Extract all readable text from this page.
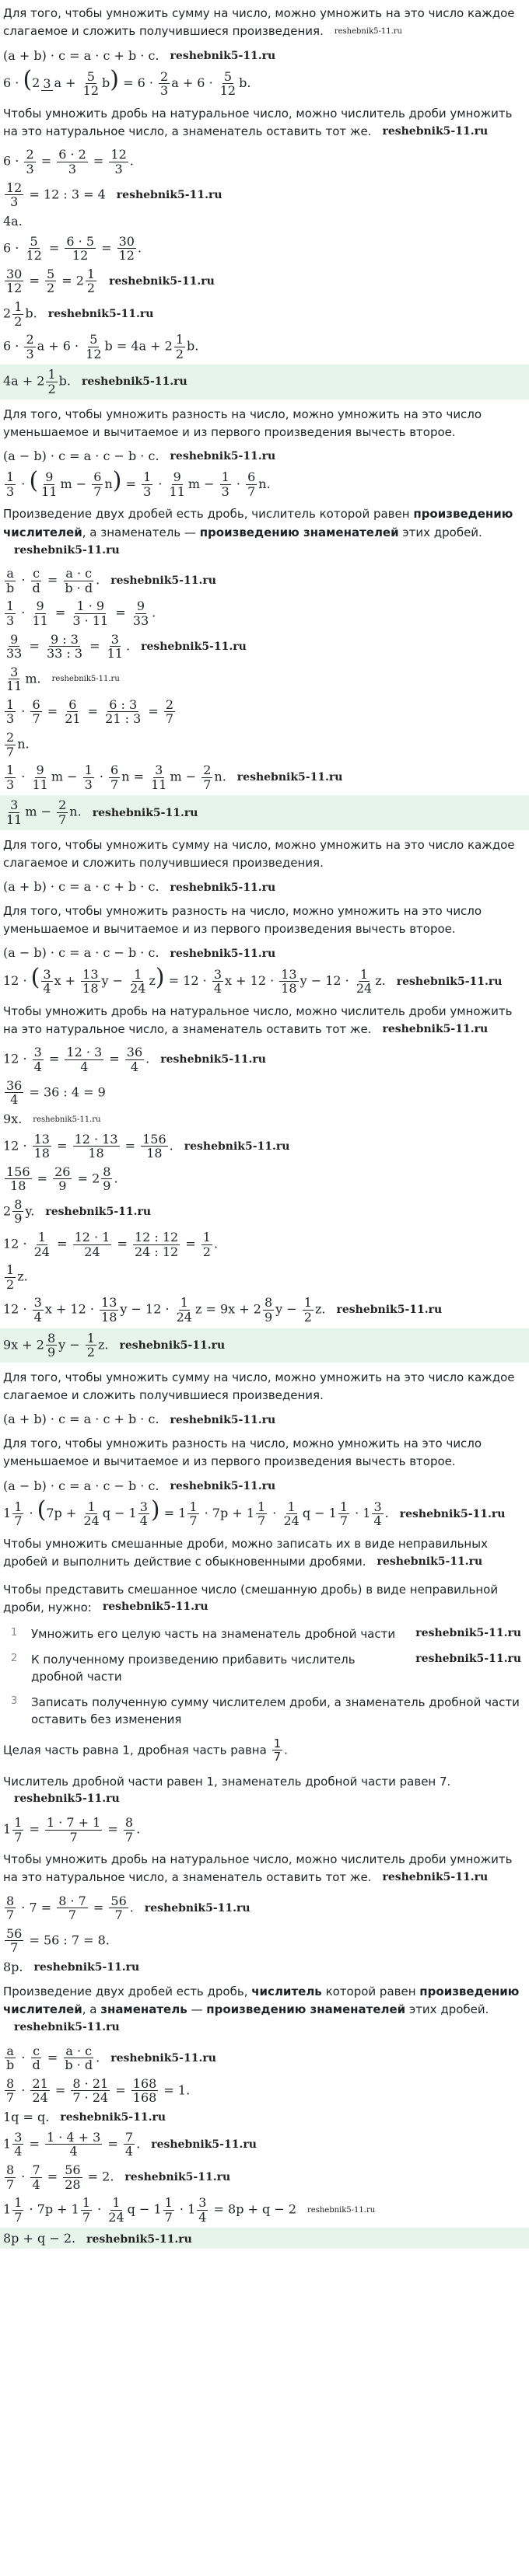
Для того, чтобы умножить сумму на число, можно умножить на это число каждое слагаемое и сложить получившиеся произведения. reshebnik5-11.ru

(a + b) · c = a · c + b · c. reshebnik5-11.ru
6 · (2 3 $a + \frac{5}{12} b) = 6 \cdot \frac{2}{3}$ $a + 6 \cdot \frac{5}{12} b$.

Чтобы умножить дробь на натуральное число, можно числитель дроби умножить на это натуральное число, а знаменатель оставить тот же. reshebnik5-11.ru

$6 \cdot \frac{2}{3} = \frac{6 \cdot 2}{3} = \frac{12}{3}$ .
$\frac{12}{3} = 12$ : 3 = 4 reshebnik5-11.ru
4a.
$6 \cdot \frac{5}{12} = \frac{6 \cdot 5}{12} = \frac{30}{12}$ .
$\frac{30}{12} = \frac{5}{2} = 2 \frac{1}{2}$ reshebnik5-11.ru
$2 \frac{1}{2} b$. reshebnik5-11.ru
$6 \cdot \frac{2}{3}$ $a + 6 \cdot \frac{5}{12}$ $b = 4a + 2 \frac{1}{2} b$.
$4a + 2 \frac{1}{2} b$. reshebnik5-11.ru

Для того, чтобы умножить разность на число, можно умножить на это число уменьшаемое и вычитаемое и из первого произведения вычесть второе.

(a − b) · c = a · c − b · c. reshebnik5-11.ru
$\frac{1}{3}$ · ( $\frac{9}{11}$ $m - \frac{6}{7} n) = \frac{1}{3} \cdot \frac{9}{11}$ $m - \frac{1}{3} \cdot \frac{6}{7} n$.

Произведение двух дробей есть дробь, числитель которой равен произведению числителей, а знаменатель — произведению знаменателей этих дробей.reshebnik5-11.ru

$\frac{a}{b} \cdot \frac{c}{d} = \frac{a \cdot c}{b \cdot d}$ . reshebnik5-11.ru
$\frac{1}{3} \cdot \frac{9}{11} = \frac{1 \cdot 9}{3 \cdot 11} = \frac{9}{33}$ .
$\frac{9}{33} = \frac{9 : 3}{33 : 3} = \frac{3}{11}$ . reshebnik5-11.ru
$\frac{3}{11} m$. reshebnik5-11.ru
$\frac{1}{3} \cdot \frac{6}{7} = \frac{6}{21} = \frac{6 : 3}{21 : 3} = \frac{2}{7}$
$\frac{2}{7} n$.
$\frac{1}{3} \cdot \frac{9}{11}$ $m - \frac{1}{3} \cdot \frac{6}{7}$ $n = \frac{3}{11}$ $m - \frac{2}{7} n$. reshebnik5-11.ru
$\frac{3}{11}$ $m - \frac{2}{7} n$. reshebnik5-11.ru

Для того, чтобы умножить сумму на число, можно умножить на это число каждое слагаемое и сложить получившиеся произведения.

(a + b) · c = a · c + b · c. reshebnik5-11.ru

Для того, чтобы умножить разность на число, можно умножить на это число уменьшаемое и вычитаемое и из первого произведения вычесть второе.

(a − b) · c = a · c − b · c. reshebnik5-11.ru
12 · ( $\frac{3}{4}$ $x + \frac{13}{18}$ $y - \frac{1}{24} z) = 12 \cdot \frac{3}{4}$ $x + 12 \cdot \frac{13}{18}$ $y - 12 \cdot \frac{1}{24} z$. reshebnik5-11.ru

Чтобы умножить дробь на натуральное число, можно числитель дроби умножить на это натуральное число, а знаменатель оставить тот же. reshebnik5-11.ru

$12 \cdot \frac{3}{4} = \frac{12 \cdot 3}{4} = \frac{36}{4}$ . reshebnik5-11.ru
$\frac{36}{4} = 36$ : 4 = 9
9x. reshebnik5-11.ru
$12 \cdot \frac{13}{18} = \frac{12 \cdot 13}{18} = \frac{156}{18}$ . reshebnik5-11.ru
$\frac{156}{18} = \frac{26}{9} = 2 \frac{8}{9}$ .
$2 \frac{8}{9} y$. reshebnik5-11.ru
$12 \cdot \frac{1}{24} = \frac{12 \cdot 1}{24} = \frac{12 : 12}{24 : 12} = \frac{1}{2}$ .
$\frac{1}{2} z$.
$12 \cdot \frac{3}{4}$ $x + 12 \cdot \frac{13}{18}$ $y - 12 \cdot \frac{1}{24}$ $z = 9x + 2 \frac{8}{9}$ $y - \frac{1}{2} z$. reshebnik5-11.ru
$9x + 2 \frac{8}{9}$ $y - \frac{1}{2} z$. reshebnik5-11.ru

Для того, чтобы умножить сумму на число, можно умножить на это число каждое слагаемое и сложить получившиеся произведения.

(a + b) · c = a · c + b · c. reshebnik5-11.ru

Для того, чтобы умножить разность на число, можно умножить на это число уменьшаемое и вычитаемое и из первого произведения вычесть второе.

(a − b) · c = a · c − b · c. reshebnik5-11.ru
$1 \frac{1}{7} \cdot (7p + \frac{1}{24}$ $q - 1 \frac{3}{4}$ ) = $1 \frac{1}{7} \cdot 7p + 1 \frac{1}{7} \cdot \frac{1}{24}$ $q - 1 \frac{1}{7} \cdot 1 \frac{3}{4}$ . reshebnik5-11.ru

Чтобы умножить смешанные дроби, можно записать их в виде неправильных дробей и выполнить действие с обыкновенными дробями. reshebnik5-11.ru

Чтобы представить смешанное число (смешанную дробь) в виде неправильной дроби, нужно: reshebnik5-11.ru

1	Умножить его целую часть на знаменатель дробной части	reshebnik5-11.ru
2	К полученному произведению прибавить числитель дробной части
reshebnik5-11.ru
3	Записать полученную сумму числителем дроби, а знаменатель дробной части оставить без изменения
Целая часть равна 1, дробная часть равна $\frac{1}{7}$ .

Числитель дробной части равен 1, знаменатель дробной части равен 7.reshebnik5-11.ru

$1 \frac{1}{7} = \frac{1 \cdot 7 + 1}{7} = \frac{8}{7}$ .

Чтобы умножить дробь на натуральное число, можно числитель дроби умножить на это натуральное число, а знаменатель оставить тот же. reshebnik5-11.ru

$\frac{8}{7} \cdot 7 = \frac{8 \cdot 7}{7} = \frac{56}{7}$ . reshebnik5-11.ru
$\frac{56}{7} = 56$ : 7 = 8.
8p. reshebnik5-11.ru

Произведение двух дробей есть дробь, числитель которой равен произведению числителей, а знаменатель — произведению знаменателей этих дробей.reshebnik5-11.ru

$\frac{a}{b} \cdot \frac{c}{d} = \frac{a \cdot c}{b \cdot d}$ . reshebnik5-11.ru
$\frac{8}{7} \cdot \frac{21}{24} = \frac{8 \cdot 21}{7 \cdot 24} = \frac{168}{168} = 1$.
1q = q. reshebnik5-11.ru
$1 \frac{3}{4} = \frac{1 \cdot 4 + 3}{4} = \frac{7}{4}$ . reshebnik5-11.ru
$\frac{8}{7} \cdot \frac{7}{4} = \frac{56}{28} = 2$. reshebnik5-11.ru
$1 \frac{1}{7} \cdot 7p + 1 \frac{1}{7} \cdot \frac{1}{24}$ $q - 1 \frac{1}{7} \cdot 1 \frac{3}{4} = 8p + q - 2$ reshebnik5-11.ru
8p + q − 2. reshebnik5-11.ru
